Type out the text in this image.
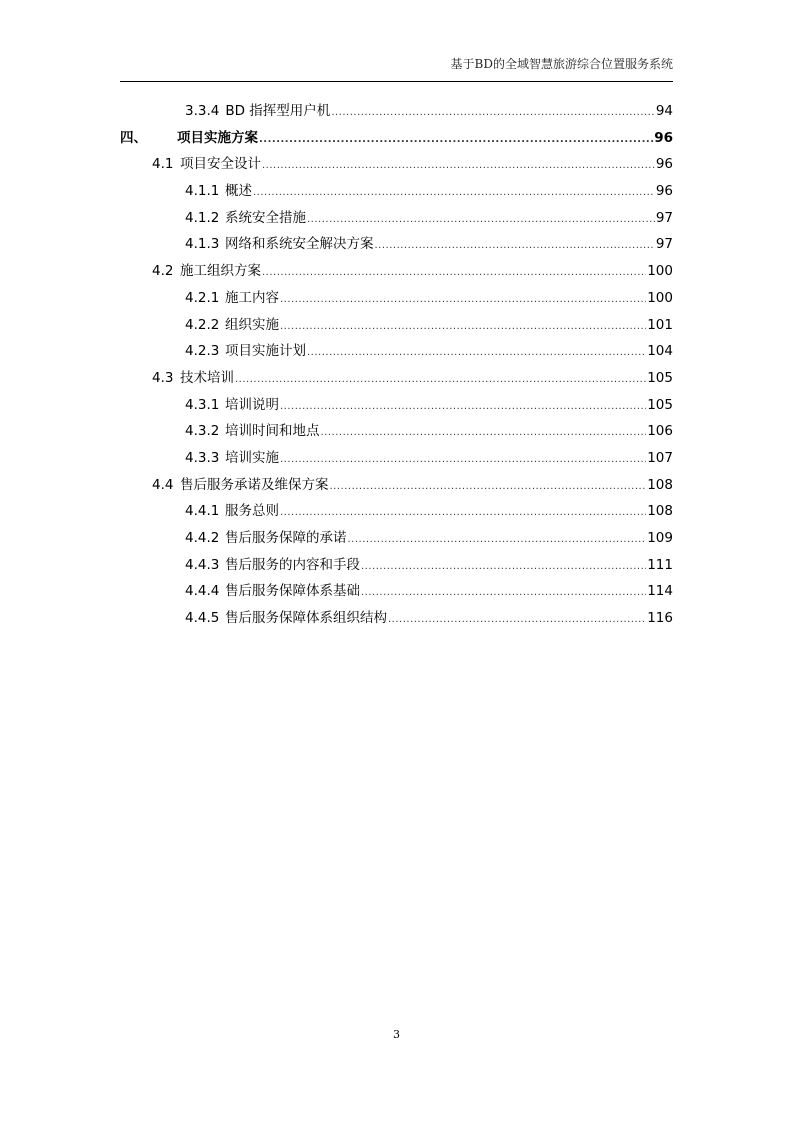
基于BD的全域智慧旅游综合位置服务系统
3.3.4 BD 指挥型用户机 .....	94
四、	项目实施方案 .....	96
4.1 项目安全设计 .....	96
4.1.1 概述 .....	96
4.1.2 系统安全措施 .....	97
4.1.3 网络和系统安全解决方案 .....	97
4.2 施工组织方案 .....	100
4.2.1 施工内容 .....	100
4.2.2 组织实施 .....	101
4.2.3 项目实施计划 .....	104
4.3 技术培训 .....	105
4.3.1 培训说明 .....	105
4.3.2 培训时间和地点 .....	106
4.3.3 培训实施 .....	107
4.4 售后服务承诺及维保方案 .....	108
4.4.1 服务总则 .....	108
4.4.2 售后服务保障的承诺 .....	109
4.4.3 售后服务的内容和手段 .....	111
4.4.4 售后服务保障体系基础 .....	114
4.4.5 售后服务保障体系组织结构 .....	116
3
